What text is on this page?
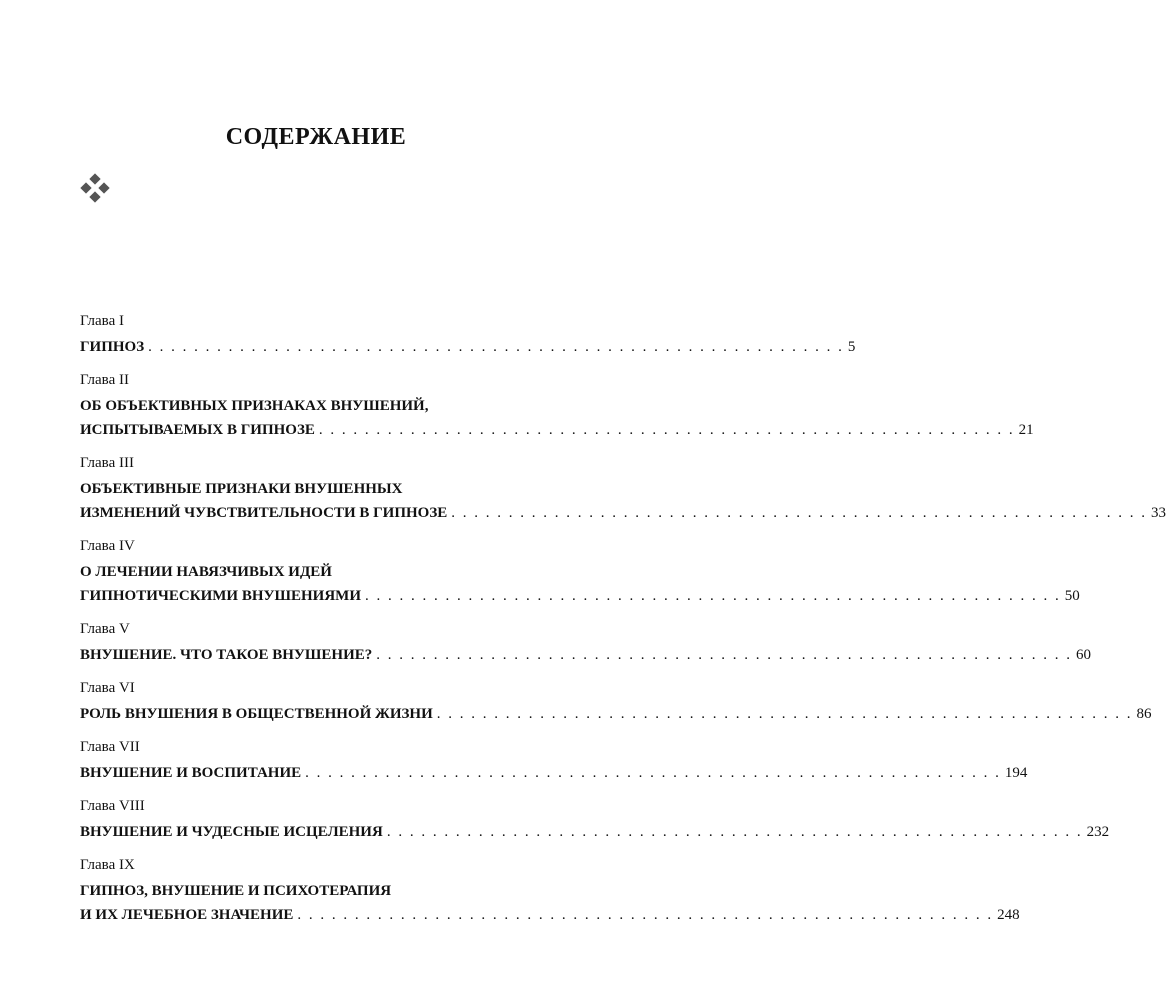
СОДЕРЖАНИЕ
Глава I
ГИПНОЗ . . . . . . . . . . . . . . . . . . . . . . . . . . . . . . . . . . . . . . . . . . . . . . . . . . . . . . . . . . . . . 5
Глава II
ОБ ОБЪЕКТИВНЫХ ПРИЗНАКАХ ВНУШЕНИЙ,
ИСПЫТЫВАЕМЫХ В ГИПНОЗЕ . . . . . . . . . . . . . . . . . . . . . . . . . . . . . . . . . . . . . . . . . . . . . . . . . . . . . . . . . . . . . 21
Глава III
ОБЪЕКТИВНЫЕ ПРИЗНАКИ ВНУШЕННЫХ
ИЗМЕНЕНИЙ ЧУВСТВИТЕЛЬНОСТИ В ГИПНОЗЕ . . . . . . . . . . . . . . . . . . . . . . . . . . . . . . . . . . . . . . . . . . . . . . . . . . . . . . . . . . . . . 33
Глава IV
О ЛЕЧЕНИИ НАВЯЗЧИВЫХ ИДЕЙ
ГИПНОТИЧЕСКИМИ ВНУШЕНИЯМИ . . . . . . . . . . . . . . . . . . . . . . . . . . . . . . . . . . . . . . . . . . . . . . . . . . . . . . . . . . . . . 50
Глава V
ВНУШЕНИЕ. ЧТО ТАКОЕ ВНУШЕНИЕ? . . . . . . . . . . . . . . . . . . . . . . . . . . . . . . . . . . . . . . . . . . . . . . . . . . . . . . . . . . . . . 60
Глава VI
РОЛЬ ВНУШЕНИЯ В ОБЩЕСТВЕННОЙ ЖИЗНИ . . . . . . . . . . . . . . . . . . . . . . . . . . . . . . . . . . . . . . . . . . . . . . . . . . . . . . . . . . . . . 86
Глава VII
ВНУШЕНИЕ И ВОСПИТАНИЕ . . . . . . . . . . . . . . . . . . . . . . . . . . . . . . . . . . . . . . . . . . . . . . . . . . . . . . . . . . . . . 194
Глава VIII
ВНУШЕНИЕ И ЧУДЕСНЫЕ ИСЦЕЛЕНИЯ . . . . . . . . . . . . . . . . . . . . . . . . . . . . . . . . . . . . . . . . . . . . . . . . . . . . . . . . . . . . . 232
Глава IX
ГИПНОЗ, ВНУШЕНИЕ И ПСИХОТЕРАПИЯ
И ИХ ЛЕЧЕБНОЕ ЗНАЧЕНИЕ . . . . . . . . . . . . . . . . . . . . . . . . . . . . . . . . . . . . . . . . . . . . . . . . . . . . . . . . . . . . . 248
